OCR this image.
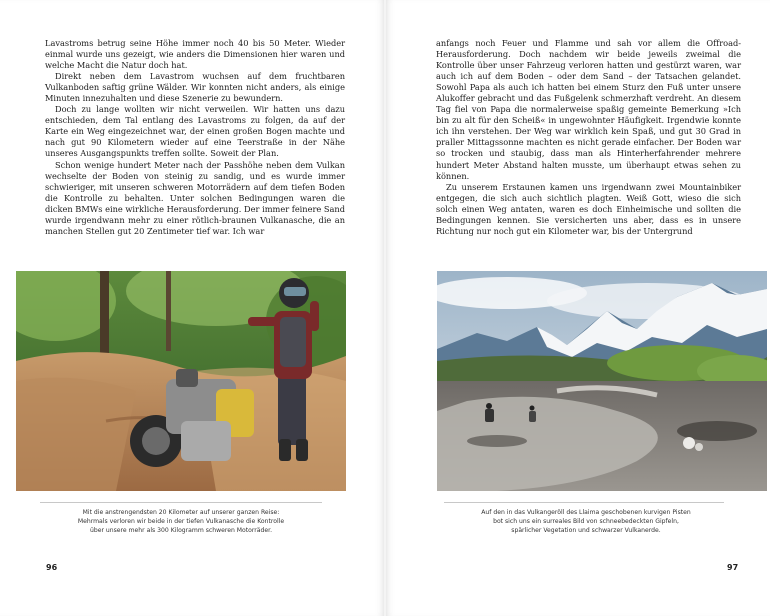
Lavastroms betrug seine Höhe immer noch 40 bis 50 Meter. Wieder einmal wurde uns gezeigt, wie anders die Dimensionen hier waren und welche Macht die Natur doch hat.

Direkt neben dem Lavastrom wuchsen auf dem fruchtbaren Vulkanboden saftig grüne Wälder. Wir konnten nicht anders, als einige Minuten innezuhalten und diese Szenerie zu bewundern.

Doch zu lange wollten wir nicht verweilen. Wir hatten uns dazu entschieden, dem Tal entlang des Lavastroms zu folgen, da auf der Karte ein Weg eingezeichnet war, der einen großen Bogen machte und nach gut 90 Kilometern wieder auf eine Teerstraße in der Nähe unseres Ausgangspunkts treffen sollte. Soweit der Plan.

Schon wenige hundert Meter nach der Passhöhe neben dem Vulkan wechselte der Boden von steinig zu sandig, und es wurde immer schwieriger, mit unseren schweren Motorrädern auf dem tiefen Boden die Kontrolle zu behalten. Unter solchen Bedingungen waren die dicken BMWs eine wirkliche Herausforderung. Der immer feinere Sand wurde irgendwann mehr zu einer rötlich-braunen Vulkanasche, die an manchen Stellen gut 20 Zentimeter tief war. Ich war

Mit die anstrengendsten 20 Kilometer auf unserer ganzen Reise:
Mehrmals verloren wir beide in der tiefen Vulkanasche die Kontrolle
über unsere mehr als 300 Kilogramm schweren Motorräder.
96

anfangs noch Feuer und Flamme und sah vor allem die Offroad-Herausforderung. Doch nachdem wir beide jeweils zweimal die Kontrolle über unser Fahrzeug verloren hatten und gestürzt waren, war auch ich auf dem Boden – oder dem Sand – der Tatsachen gelandet. Sowohl Papa als auch ich hatten bei einem Sturz den Fuß unter unsere Alukoffer gebracht und das Fußgelenk schmerzhaft verdreht. An diesem Tag fiel von Papa die normalerweise spaßig gemeinte Bemerkung »Ich bin zu alt für den Scheiß« in ungewohnter Häufigkeit. Irgendwie konnte ich ihn verstehen. Der Weg war wirklich kein Spaß, und gut 30 Grad in praller Mittagssonne machten es nicht gerade einfacher. Der Boden war so trocken und staubig, dass man als Hinterherfahrender mehrere hundert Meter Abstand halten musste, um überhaupt etwas sehen zu können.

Zu unserem Erstaunen kamen uns irgendwann zwei Mountainbiker entgegen, die sich auch sichtlich plagten. Weiß Gott, wieso die sich solch einen Weg antaten, waren es doch Einheimische und sollten die Bedingungen kennen. Sie versicherten uns aber, dass es in unsere Richtung nur noch gut ein Kilometer war, bis der Untergrund

Auf den in das Vulkangeröll des Llaima geschobenen kurvigen Pisten
bot sich uns ein surreales Bild von schneebedeckten Gipfeln,
spärlicher Vegetation und schwarzer Vulkanerde.
97
